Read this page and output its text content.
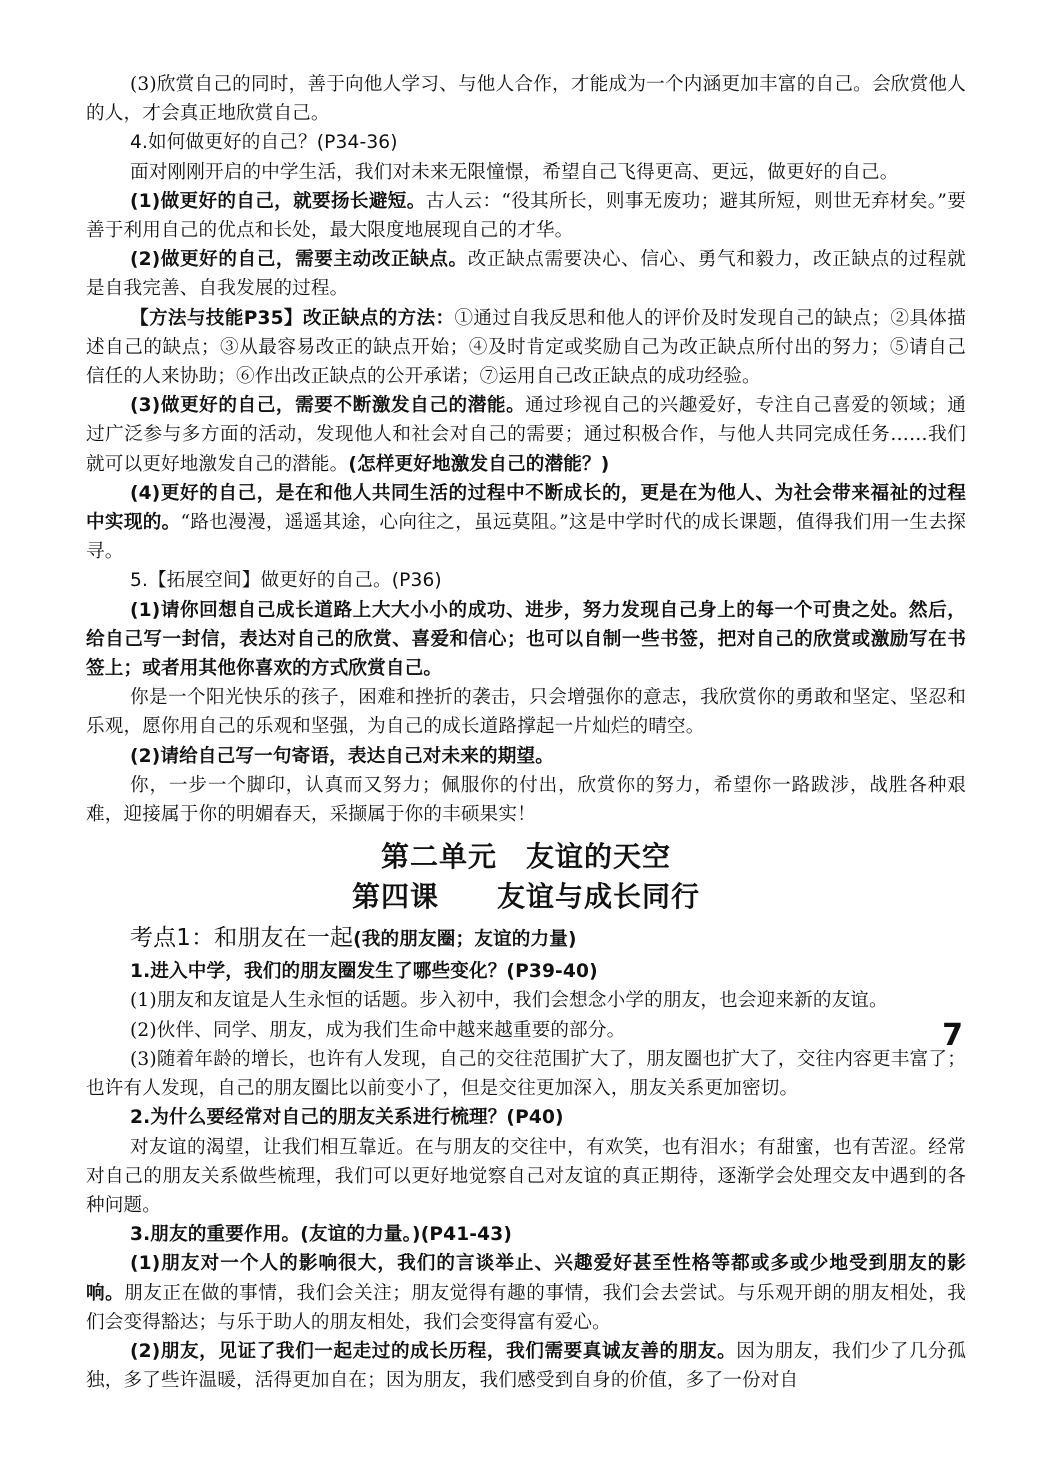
(3)欣赏自己的同时，善于向他人学习、与他人合作，才能成为一个内涵更加丰富的自己。会欣赏他人的人，才会真正地欣赏自己。

4.如何做更好的自己？(P34-36)

面对刚刚开启的中学生活，我们对未来无限憧憬，希望自己飞得更高、更远，做更好的自己。

(1)做更好的自己，就要扬长避短。古人云：“役其所长，则事无废功；避其所短，则世无弃材矣。”要善于利用自己的优点和长处，最大限度地展现自己的才华。

(2)做更好的自己，需要主动改正缺点。改正缺点需要决心、信心、勇气和毅力，改正缺点的过程就是自我完善、自我发展的过程。

【方法与技能P35】改正缺点的方法：①通过自我反思和他人的评价及时发现自己的缺点；②具体描述自己的缺点；③从最容易改正的缺点开始；④及时肯定或奖励自己为改正缺点所付出的努力；⑤请自己信任的人来协助；⑥作出改正缺点的公开承诺；⑦运用自己改正缺点的成功经验。

(3)做更好的自己，需要不断激发自己的潜能。通过珍视自己的兴趣爱好，专注自己喜爱的领域；通过广泛参与多方面的活动，发现他人和社会对自己的需要；通过积极合作，与他人共同完成任务……我们就可以更好地激发自己的潜能。(怎样更好地激发自己的潜能？)

(4)更好的自己，是在和他人共同生活的过程中不断成长的，更是在为他人、为社会带来福祉的过程中实现的。“路也漫漫，遥遥其途，心向往之，虽远莫阻。”这是中学时代的成长课题，值得我们用一生去探寻。

5.【拓展空间】做更好的自己。(P36)

(1)请你回想自己成长道路上大大小小的成功、进步，努力发现自己身上的每一个可贵之处。然后，给自己写一封信，表达对自己的欣赏、喜爱和信心；也可以自制一些书签，把对自己的欣赏或激励写在书签上；或者用其他你喜欢的方式欣赏自己。

你是一个阳光快乐的孩子，困难和挫折的袭击，只会增强你的意志，我欣赏你的勇敢和坚定、坚忍和乐观，愿你用自己的乐观和坚强，为自己的成长道路撑起一片灿烂的晴空。

(2)请给自己写一句寄语，表达自己对未来的期望。

你，一步一个脚印，认真而又努力；佩服你的付出，欣赏你的努力，希望你一路跋涉，战胜各种艰难，迎接属于你的明媚春天，采撷属于你的丰硕果实！

第二单元　友谊的天空
第四课　　友谊与成长同行

考点1：和朋友在一起(我的朋友圈；友谊的力量)

1.进入中学，我们的朋友圈发生了哪些变化？(P39-40)

(1)朋友和友谊是人生永恒的话题。步入初中，我们会想念小学的朋友，也会迎来新的友谊。

(2)伙伴、同学、朋友，成为我们生命中越来越重要的部分。

(3)随着年龄的增长，也许有人发现，自己的交往范围扩大了，朋友圈也扩大了，交往内容更丰富了；也许有人发现，自己的朋友圈比以前变小了，但是交往更加深入，朋友关系更加密切。

2.为什么要经常对自己的朋友关系进行梳理？(P40)

对友谊的渴望，让我们相互靠近。在与朋友的交往中，有欢笑，也有泪水；有甜蜜，也有苦涩。经常对自己的朋友关系做些梳理，我们可以更好地觉察自己对友谊的真正期待，逐渐学会处理交友中遇到的各种问题。

3.朋友的重要作用。(友谊的力量。)(P41-43)

(1)朋友对一个人的影响很大，我们的言谈举止、兴趣爱好甚至性格等都或多或少地受到朋友的影响。朋友正在做的事情，我们会关注；朋友觉得有趣的事情，我们会去尝试。与乐观开朗的朋友相处，我们会变得豁达；与乐于助人的朋友相处，我们会变得富有爱心。

(2)朋友，见证了我们一起走过的成长历程，我们需要真诚友善的朋友。因为朋友，我们少了几分孤独，多了些许温暖，活得更加自在；因为朋友，我们感受到自身的价值，多了一份对自

7
